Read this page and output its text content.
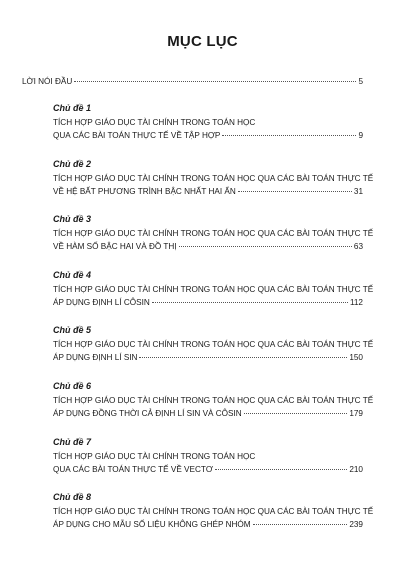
MỤC LỤC
LỜI NÓI ĐẦU	5
Chủ đề 1
TÍCH HỢP GIÁO DỤC TÀI CHÍNH TRONG TOÁN HỌC
QUA CÁC BÀI TOÁN THỰC TẾ VỀ TẬP HỢP	9
Chủ đề 2
TÍCH HỢP GIÁO DỤC TÀI CHÍNH TRONG TOÁN HỌC QUA CÁC BÀI TOÁN THỰC TẾ
VỀ HỆ BẤT PHƯƠNG TRÌNH BẬC NHẤT HAI ẨN	31
Chủ đề 3
TÍCH HỢP GIÁO DỤC TÀI CHÍNH TRONG TOÁN HỌC QUA CÁC BÀI TOÁN THỰC TẾ
VỀ HÀM SỐ BẬC HAI VÀ ĐỒ THỊ	63
Chủ đề 4
TÍCH HỢP GIÁO DỤC TÀI CHÍNH TRONG TOÁN HỌC QUA CÁC BÀI TOÁN THỰC TẾ
ÁP DỤNG ĐỊNH LÍ CÔSIN	112
Chủ đề 5
TÍCH HỢP GIÁO DỤC TÀI CHÍNH TRONG TOÁN HỌC QUA CÁC BÀI TOÁN THỰC TẾ
ÁP DỤNG ĐỊNH LÍ SIN	150
Chủ đề 6
TÍCH HỢP GIÁO DỤC TÀI CHÍNH TRONG TOÁN HỌC QUA CÁC BÀI TOÁN THỰC TẾ
ÁP DỤNG ĐỒNG THỜI CẢ ĐỊNH LÍ SIN VÀ CÔSIN	179
Chủ đề 7
TÍCH HỢP GIÁO DỤC TÀI CHÍNH TRONG TOÁN HỌC
QUA CÁC BÀI TOÁN THỰC TẾ VỀ VECTƠ	210
Chủ đề 8
TÍCH HỢP GIÁO DỤC TÀI CHÍNH TRONG TOÁN HỌC QUA CÁC BÀI TOÁN THỰC TẾ
ÁP DỤNG CHO MẪU SỐ LIỆU KHÔNG GHÉP NHÓM	239
